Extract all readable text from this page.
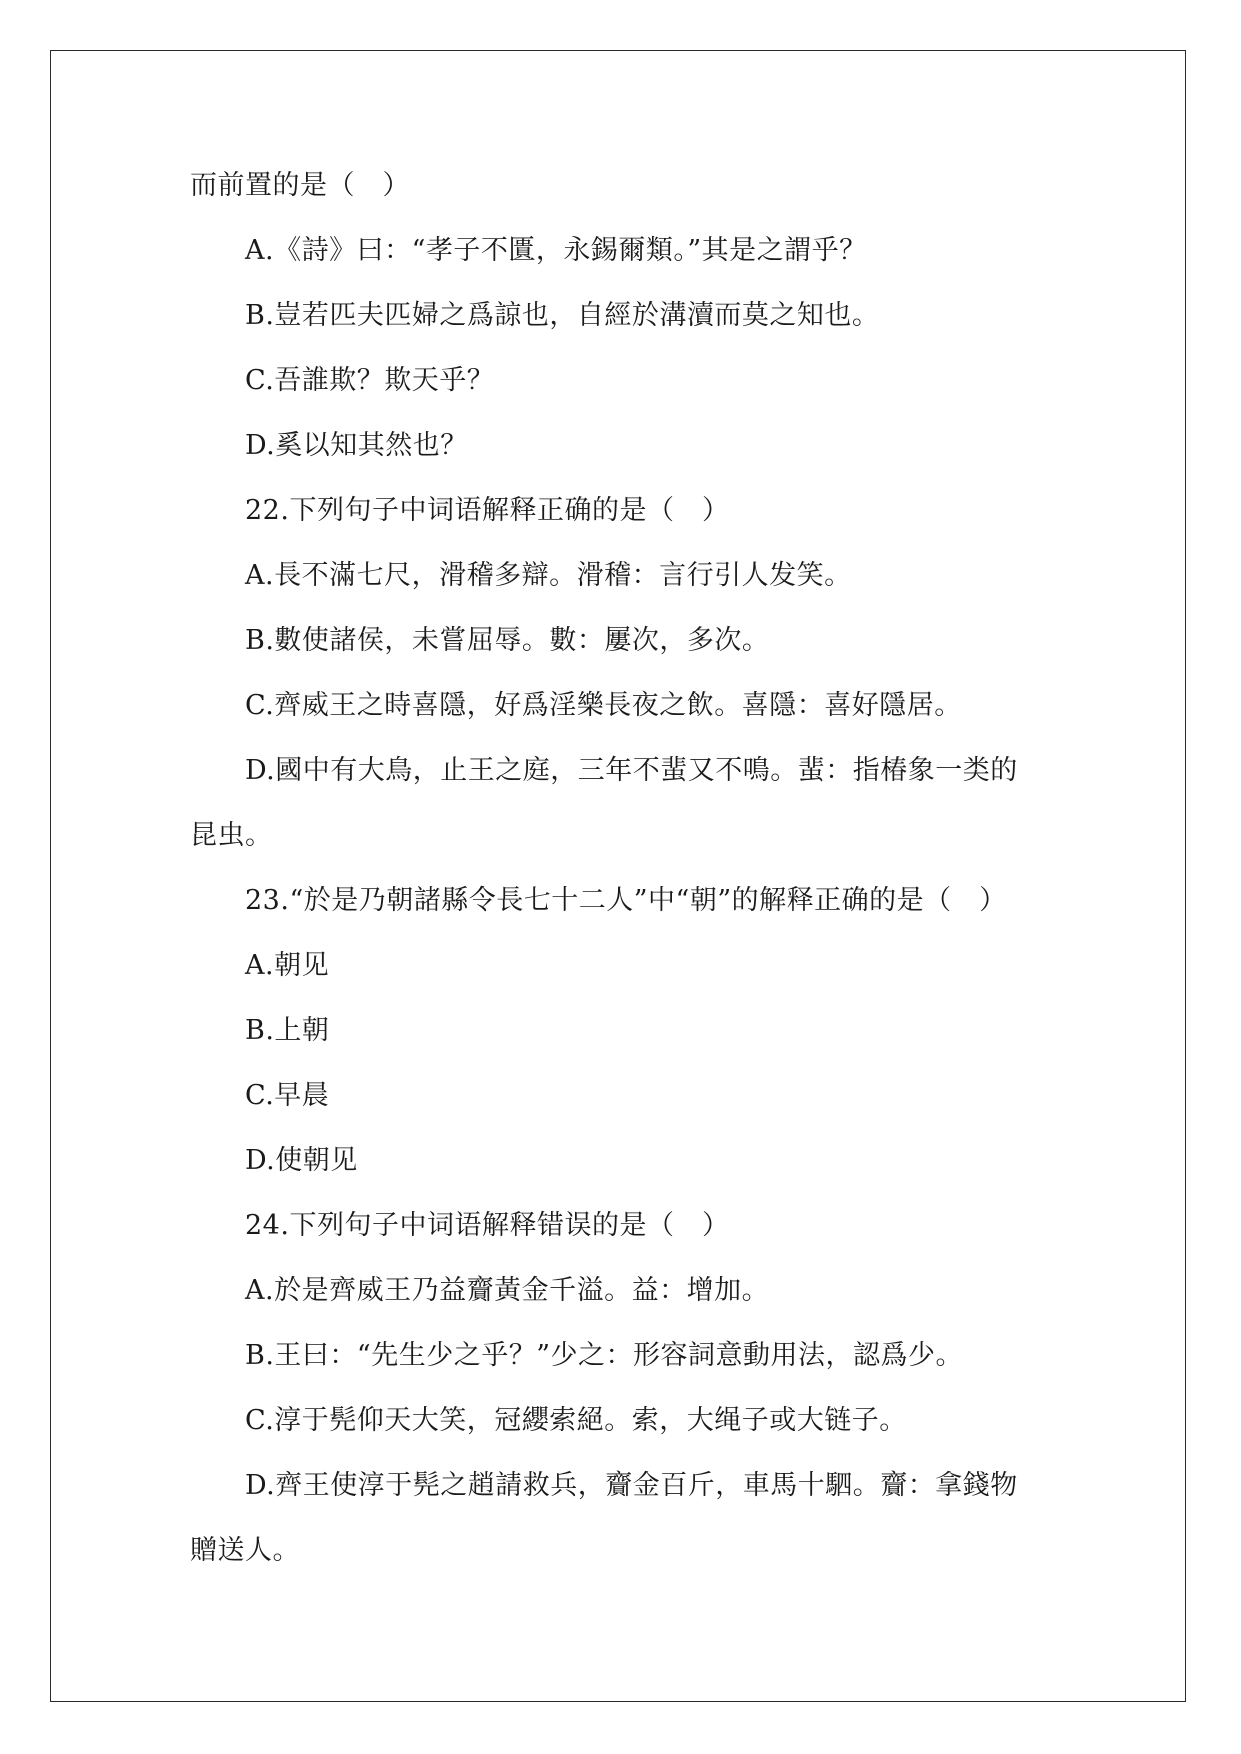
而前置的是（　）
A.《詩》曰：“孝子不匱，永錫爾類。”其是之謂乎？
B.豈若匹夫匹婦之爲諒也，自經於溝瀆而莫之知也。
C.吾誰欺？欺天乎？
D.奚以知其然也？
22.下列句子中词语解释正确的是（　）
A.長不滿七尺，滑稽多辯。滑稽：言行引人发笑。
B.數使諸侯，未嘗屈辱。數：屢次，多次。
C.齊威王之時喜隱，好爲淫樂長夜之飲。喜隱：喜好隱居。
D.國中有大鳥，止王之庭，三年不蜚又不鳴。蜚：指椿象一类的
昆虫。
23.“於是乃朝諸縣令長七十二人”中“朝”的解释正确的是（　）
A.朝见
B.上朝
C.早晨
D.使朝见
24.下列句子中词语解释错误的是（　）
A.於是齊威王乃益齎黃金千溢。益：增加。
B.王曰：“先生少之乎？”少之：形容詞意動用法，認爲少。
C.淳于髡仰天大笑，冠纓索絕。索，大绳子或大链子。
D.齊王使淳于髡之趙請救兵，齎金百斤，車馬十駟。齎：拿錢物
贈送人。
